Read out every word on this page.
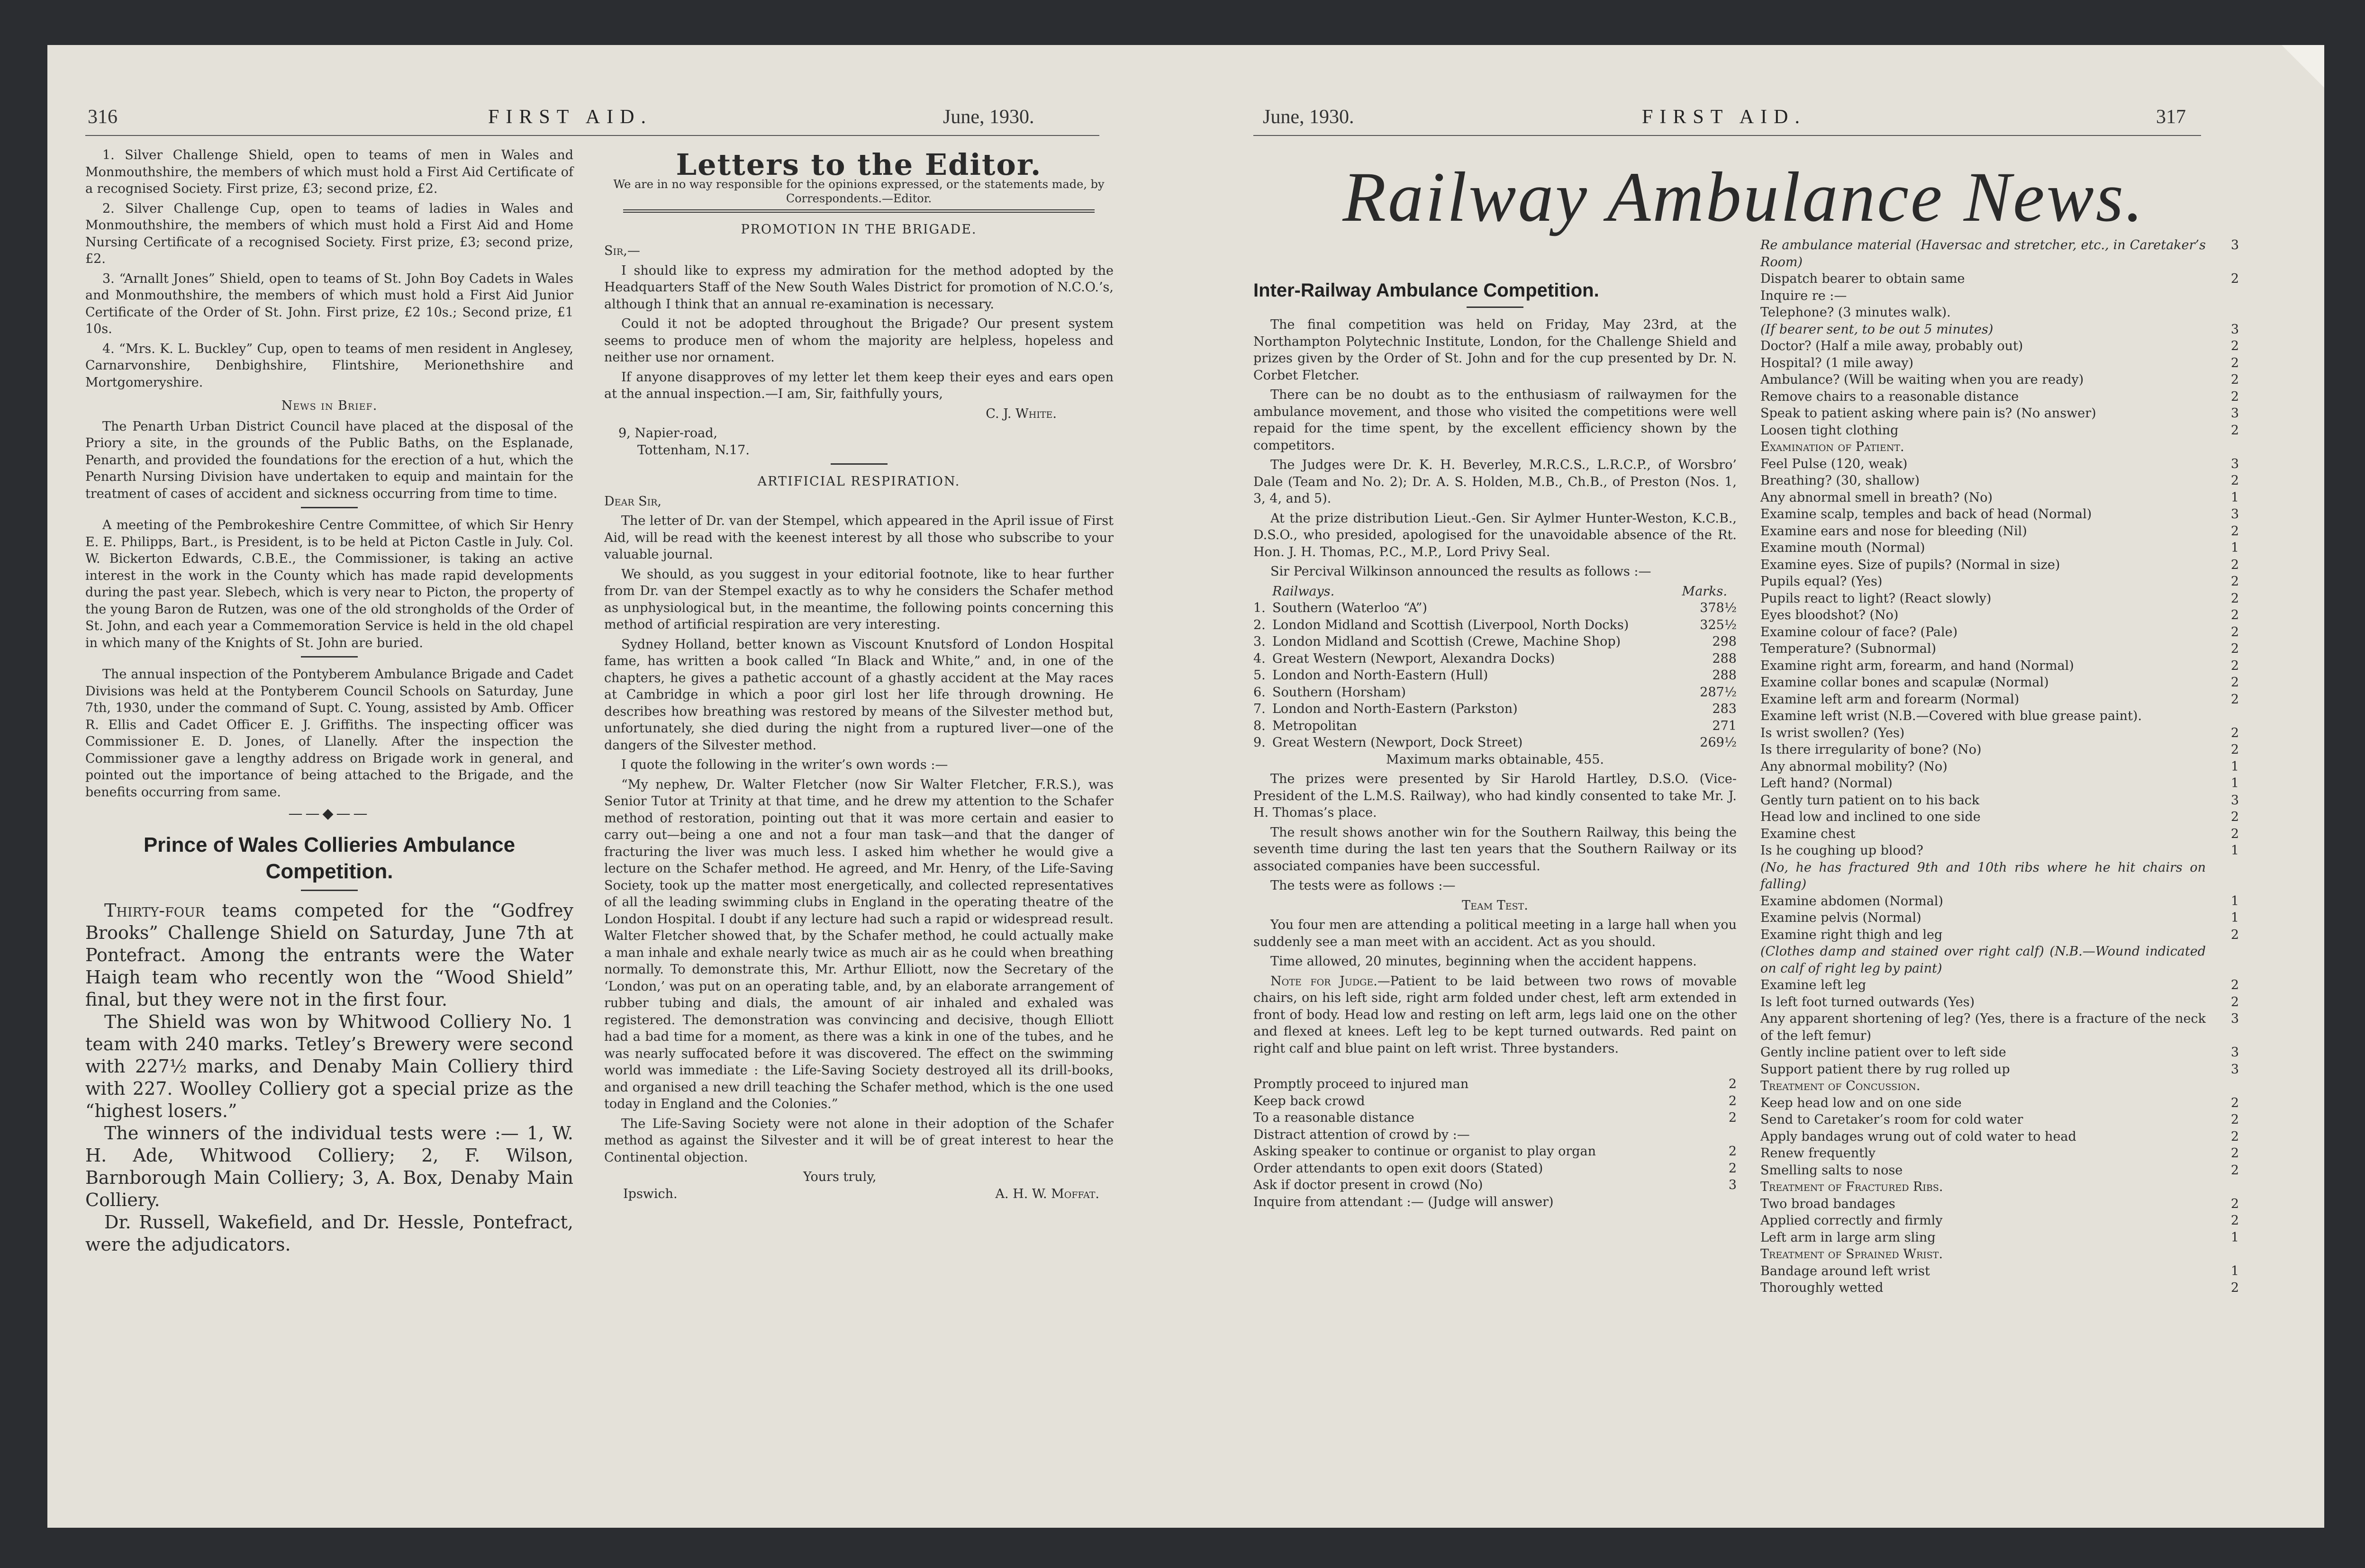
316	FIRST AID.	June, 1930.

1. Silver Challenge Shield, open to teams of men in Wales and Monmouthshire, the members of which must hold a First Aid Certificate of a recognised Society. First prize, £3; second prize, £2.

2. Silver Challenge Cup, open to teams of ladies in Wales and Monmouthshire, the members of which must hold a First Aid and Home Nursing Certificate of a recognised Society. First prize, £3; second prize, £2.

3. “Arnallt Jones” Shield, open to teams of St. John Boy Cadets in Wales and Monmouthshire, the members of which must hold a First Aid Junior Certificate of the Order of St. John. First prize, £2 10s.; Second prize, £1 10s.

4. “Mrs. K. L. Buckley” Cup, open to teams of men resident in Anglesey, Carnarvonshire, Denbighshire, Flintshire, Merionethshire and Mortgomeryshire.

News in Brief.

The Penarth Urban District Council have placed at the disposal of the Priory a site, in the grounds of the Public Baths, on the Esplanade, Penarth, and provided the foundations for the erection of a hut, which the Penarth Nursing Division have undertaken to equip and maintain for the treatment of cases of accident and sickness occurring from time to time.

A meeting of the Pembrokeshire Centre Committee, of which Sir Henry E. E. Philipps, Bart., is President, is to be held at Picton Castle in July. Col. W. Bickerton Edwards, C.B.E., the Commissioner, is taking an active interest in the work in the County which has made rapid developments during the past year. Slebech, which is very near to Picton, the property of the young Baron de Rutzen, was one of the old strongholds of the Order of St. John, and each year a Commemoration Service is held in the old chapel in which many of the Knights of St. John are buried.

The annual inspection of the Pontyberem Ambulance Brigade and Cadet Divisions was held at the Pontyberem Council Schools on Saturday, June 7th, 1930, under the command of Supt. C. Young, assisted by Amb. Officer R. Ellis and Cadet Officer E. J. Griffiths. The inspecting officer was Commissioner E. D. Jones, of Llanelly. After the inspection the Commissioner gave a lengthy address on Brigade work in general, and pointed out the importance of being attached to the Brigade, and the benefits occurring from same.

——◆——
Prince of Wales Collieries Ambulance Competition.

Thirty-four teams competed for the “Godfrey Brooks” Challenge Shield on Saturday, June 7th at Pontefract. Among the entrants were the Water Haigh team who recently won the “Wood Shield” final, but they were not in the first four.

The Shield was won by Whitwood Colliery No. 1 team with 240 marks. Tetley’s Brewery were second with 227½ marks, and Denaby Main Colliery third with 227. Woolley Colliery got a special prize as the “highest losers.”

The winners of the individual tests were :— 1, W. H. Ade, Whitwood Colliery; 2, F. Wilson, Barnborough Main Colliery; 3, A. Box, Denaby Main Colliery.

Dr. Russell, Wakefield, and Dr. Hessle, Pontefract, were the adjudicators.

Letters to the Editor.

We are in no way responsible for the opinions expressed, or the statements made, by Correspondents.—Editor.

PROMOTION IN THE BRIGADE.

Sir,—

I should like to express my admiration for the method adopted by the Headquarters Staff of the New South Wales District for promotion of N.C.O.’s, although I think that an annual re-examination is necessary.

Could it not be adopted throughout the Brigade? Our present system seems to produce men of whom the majority are helpless, hopeless and neither use nor ornament.

If anyone disapproves of my letter let them keep their eyes and ears open at the annual inspection.—I am, Sir, faithfully yours,

C. J. White.

9, Napier-road,

Tottenham, N.17.

ARTIFICIAL RESPIRATION.

Dear Sir,

The letter of Dr. van der Stempel, which appeared in the April issue of First Aid, will be read with the keenest interest by all those who subscribe to your valuable journal.

We should, as you suggest in your editorial footnote, like to hear further from Dr. van der Stempel exactly as to why he considers the Schafer method as unphysiological but, in the meantime, the following points concerning this method of artificial respiration are very interesting.

Sydney Holland, better known as Viscount Knutsford of London Hospital fame, has written a book called “In Black and White,” and, in one of the chapters, he gives a pathetic account of a ghastly accident at the May races at Cambridge in which a poor girl lost her life through drowning. He describes how breathing was restored by means of the Silvester method but, unfortunately, she died during the night from a ruptured liver—one of the dangers of the Silvester method.

I quote the following in the writer’s own words :—

“My nephew, Dr. Walter Fletcher (now Sir Walter Fletcher, F.R.S.), was Senior Tutor at Trinity at that time, and he drew my attention to the Schafer method of restoration, pointing out that it was more certain and easier to carry out—being a one and not a four man task—and that the danger of fracturing the liver was much less. I asked him whether he would give a lecture on the Schafer method. He agreed, and Mr. Henry, of the Life-Saving Society, took up the matter most energetically, and collected representatives of all the leading swimming clubs in England in the operating theatre of the London Hospital. I doubt if any lecture had such a rapid or widespread result. Walter Fletcher showed that, by the Schafer method, he could actually make a man inhale and exhale nearly twice as much air as he could when breathing normally. To demonstrate this, Mr. Arthur Elliott, now the Secretary of the ‘London,’ was put on an operating table, and, by an elaborate arrangement of rubber tubing and dials, the amount of air inhaled and exhaled was registered. The demonstration was convincing and decisive, though Elliott had a bad time for a moment, as there was a kink in one of the tubes, and he was nearly suffocated before it was discovered. The effect on the swimming world was immediate : the Life-Saving Society destroyed all its drill-books, and organised a new drill teaching the Schafer method, which is the one used today in England and the Colonies.”

The Life-Saving Society were not alone in their adoption of the Schafer method as against the Silvester and it will be of great interest to hear the Continental objection.

Yours truly,

Ipswich.	A. H. W. Moffat.
June, 1930.	FIRST AID.	317
Railway Ambulance News.
Inter-Railway Ambulance Competition.

The final competition was held on Friday, May 23rd, at the Northampton Polytechnic Institute, London, for the Challenge Shield and prizes given by the Order of St. John and for the cup presented by Dr. N. Corbet Fletcher.

There can be no doubt as to the enthusiasm of railwaymen for the ambulance movement, and those who visited the competitions were well repaid for the time spent, by the excellent efficiency shown by the competitors.

The Judges were Dr. K. H. Beverley, M.R.C.S., L.R.C.P., of Worsbro’ Dale (Team and No. 2); Dr. A. S. Holden, M.B., Ch.B., of Preston (Nos. 1, 3, 4, and 5).

At the prize distribution Lieut.-Gen. Sir Aylmer Hunter-Weston, K.C.B., D.S.O., who presided, apologised for the unavoidable absence of the Rt. Hon. J. H. Thomas, P.C., M.P., Lord Privy Seal.

Sir Percival Wilkinson announced the results as follows :—

Railways.	Marks.
1.	Southern (Waterloo “A”)	378½
2.	London Midland and Scottish (Liverpool, North Docks)	325½
3.	London Midland and Scottish (Crewe, Machine Shop)	298
4.	Great Western (Newport, Alexandra Docks)	288
5.	London and North-Eastern (Hull)	288
6.	Southern (Horsham)	287½
7.	London and North-Eastern (Parkston)	283
8.	Metropolitan	271
9.	Great Western (Newport, Dock Street)	269½

Maximum marks obtainable, 455.

The prizes were presented by Sir Harold Hartley, D.S.O. (Vice-President of the L.M.S. Railway), who had kindly consented to take Mr. J. H. Thomas’s place.

The result shows another win for the Southern Railway, this being the seventh time during the last ten years that the Southern Railway or its associated companies have been successful.

The tests were as follows :—

Team Test.

You four men are attending a political meeting in a large hall when you suddenly see a man meet with an accident. Act as you should.

Time allowed, 20 minutes, beginning when the accident happens.

Note for Judge.—Patient to be laid between two rows of movable chairs, on his left side, right arm folded under chest, left arm extended in front of body. Head low and resting on left arm, legs laid one on the other and flexed at knees. Left leg to be kept turned outwards. Red paint on right calf and blue paint on left wrist. Three bystanders.

Promptly proceed to injured man	2
Keep back crowd	2
To a reasonable distance	2
Distract attention of crowd by :—	
Asking speaker to continue or organist to play organ	2
Order attendants to open exit doors (Stated)	2
Ask if doctor present in crowd (No)	3
Inquire from attendant :— (Judge will answer)	
Re ambulance material (Haversac and stretcher, etc., in Caretaker’s Room)	3
Dispatch bearer to obtain same	2
Inquire re :—	
Telephone? (3 minutes walk).	
(If bearer sent, to be out 5 minutes)	3
Doctor? (Half a mile away, probably out)	2
Hospital? (1 mile away)	2
Ambulance? (Will be waiting when you are ready)	2
Remove chairs to a reasonable distance	2
Speak to patient asking where pain is? (No answer)	3
Loosen tight clothing	2
Examination of Patient.	
Feel Pulse (120, weak)	3
Breathing? (30, shallow)	2
Any abnormal smell in breath? (No)	1
Examine scalp, temples and back of head (Normal)	3
Examine ears and nose for bleeding (Nil)	2
Examine mouth (Normal)	1
Examine eyes. Size of pupils? (Normal in size)	2
Pupils equal? (Yes)	2
Pupils react to light? (React slowly)	2
Eyes bloodshot? (No)	2
Examine colour of face? (Pale)	2
Temperature? (Subnormal)	2
Examine right arm, forearm, and hand (Normal)	2
Examine collar bones and scapulæ (Normal)	2
Examine left arm and forearm (Normal)	2
Examine left wrist (N.B.—Covered with blue grease paint).	
Is wrist swollen? (Yes)	2
Is there irregularity of bone? (No)	2
Any abnormal mobility? (No)	1
Left hand? (Normal)	1
Gently turn patient on to his back	3
Head low and inclined to one side	2
Examine chest	2
Is he coughing up blood?	1
(No, he has fractured 9th and 10th ribs where he hit chairs on falling)	
Examine abdomen (Normal)	1
Examine pelvis (Normal)	1
Examine right thigh and leg	2
(Clothes damp and stained over right calf) (N.B.—Wound indicated on calf of right leg by paint)	
Examine left leg	2
Is left foot turned outwards (Yes)	2
Any apparent shortening of leg? (Yes, there is a fracture of the neck of the left femur)	3
Gently incline patient over to left side	3
Support patient there by rug rolled up	3
Treatment of Concussion.	
Keep head low and on one side	2
Send to Caretaker’s room for cold water	2
Apply bandages wrung out of cold water to head	2
Renew frequently	2
Smelling salts to nose	2
Treatment of Fractured Ribs.	
Two broad bandages	2
Applied correctly and firmly	2
Left arm in large arm sling	1
Treatment of Sprained Wrist.	
Bandage around left wrist	1
Thoroughly wetted	2
